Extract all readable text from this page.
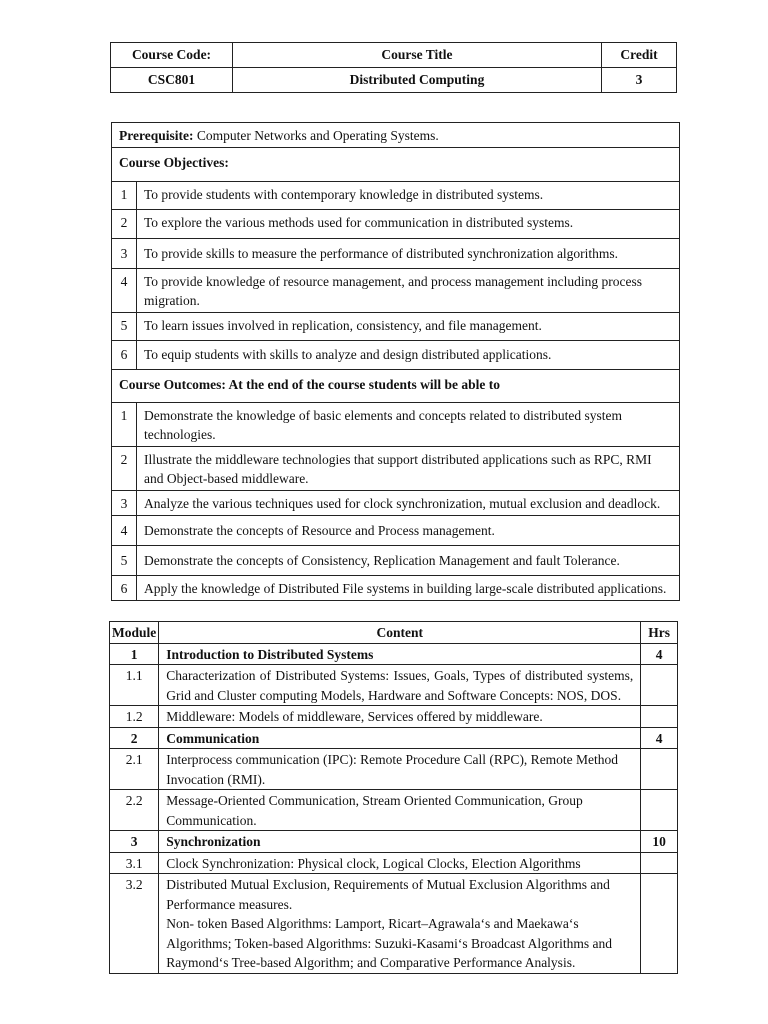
Course Code:	Course Title	Credit
CSC801	Distributed Computing	3
Prerequisite: Computer Networks and Operating Systems.	
Course Objectives:	
1	To provide students with contemporary knowledge in distributed systems.
2	To explore the various methods used for communication in distributed systems.
3	To provide skills to measure the performance of distributed synchronization algorithms.
4	To provide knowledge of resource management, and process management including process migration.
5	To learn issues involved in replication, consistency, and file management.
6	To equip students with skills to analyze and design distributed applications.
Course Outcomes: At the end of the course students will be able to	
1	Demonstrate the knowledge of basic elements and concepts related to distributed system technologies.
2	Illustrate the middleware technologies that support distributed applications such as RPC, RMI and Object-based middleware.
3	Analyze the various techniques used for clock synchronization, mutual exclusion and deadlock.
4	Demonstrate the concepts of Resource and Process management.
5	Demonstrate the concepts of Consistency, Replication Management and fault Tolerance.
6	Apply the knowledge of Distributed File systems in building large-scale distributed applications.
Module	Content	Hrs
1	Introduction to Distributed Systems	4
1.1	Characterization of Distributed Systems: Issues, Goals, Types of distributed systems, Grid and Cluster computing Models, Hardware and Software Concepts: NOS, DOS.	
1.2	Middleware: Models of middleware, Services offered by middleware.	
2	Communication	4
2.1	Interprocess communication (IPC): Remote Procedure Call (RPC), Remote Method Invocation (RMI).	
2.2	Message-Oriented Communication, Stream Oriented Communication, Group Communication.	
3	Synchronization	10
3.1	Clock Synchronization: Physical clock, Logical Clocks, Election Algorithms	
3.2	Distributed Mutual Exclusion, Requirements of Mutual Exclusion Algorithms and Performance measures.
Non- token Based Algorithms: Lamport, Ricart–Agrawala‘s and Maekawa‘s Algorithms; Token-based Algorithms: Suzuki-Kasami‘s Broadcast Algorithms and Raymond‘s Tree-based Algorithm; and Comparative Performance Analysis.	
